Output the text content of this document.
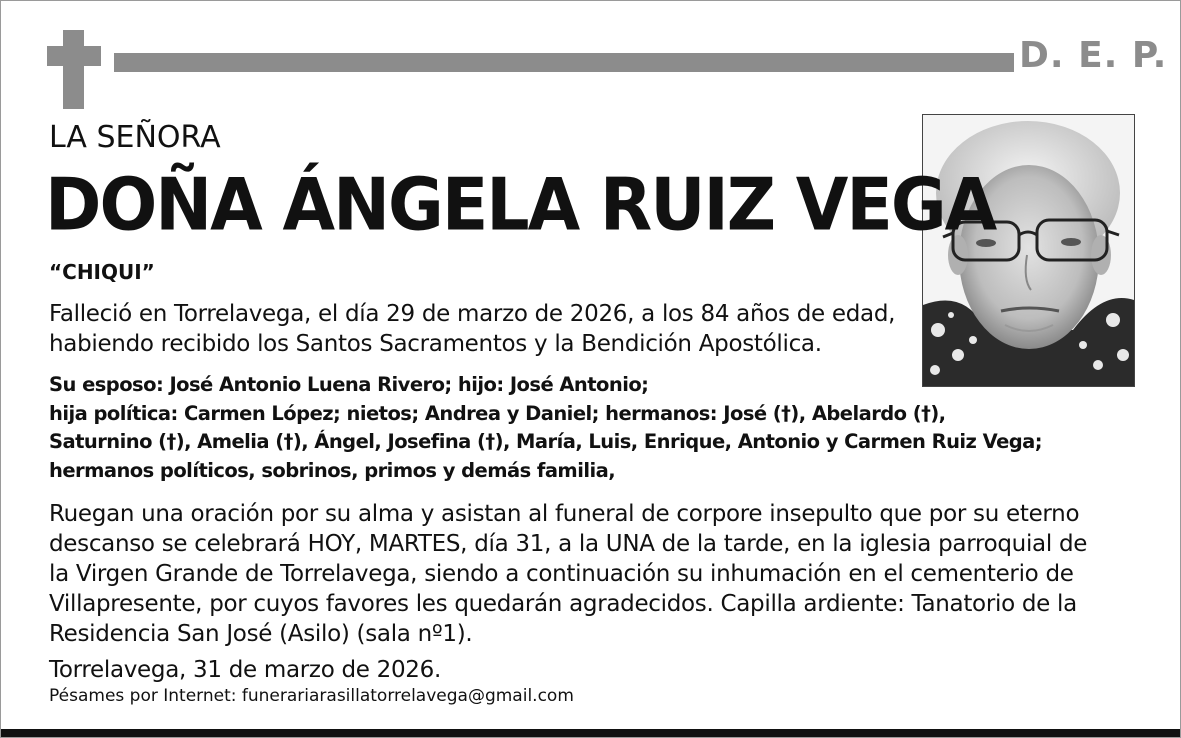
D. E. P.
LA SEÑORA
DOÑA ÁNGELA RUIZ VEGA
“CHIQUI”
Falleció en Torrelavega, el día 29 de marzo de 2026, a los 84 años de edad,
habiendo recibido los Santos Sacramentos y la Bendición Apostólica.
Su esposo: José Antonio Luena Rivero; hijo: José Antonio;
hija política: Carmen López; nietos; Andrea y Daniel; hermanos: José (†), Abelardo (†),
Saturnino (†), Amelia (†), Ángel, Josefina (†), María, Luis, Enrique, Antonio y Carmen Ruiz Vega;
hermanos políticos, sobrinos, primos y demás familia,
Ruegan una oración por su alma y asistan al funeral de corpore insepulto que por su eterno
descanso se celebrará HOY, MARTES, día 31, a la UNA de la tarde, en la iglesia parroquial de
la Virgen Grande de Torrelavega, siendo a continuación su inhumación en el cementerio de
Villapresente, por cuyos favores les quedarán agradecidos. Capilla ardiente: Tanatorio de la
Residencia San José (Asilo) (sala nº1).
Torrelavega, 31 de marzo de 2026.
Pésames por Internet: funerariarasillatorrelavega@gmail.com
